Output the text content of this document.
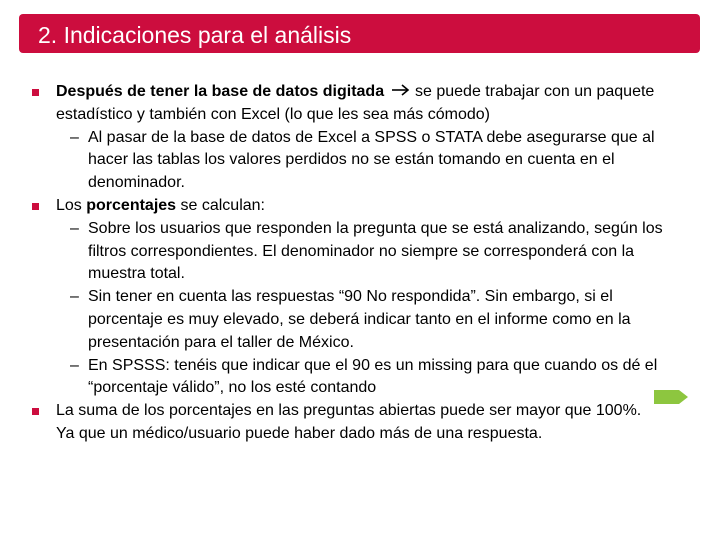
2. Indicaciones para el análisis
Después de tener la base de datos digitada
se puede trabajar con un paquete estadístico y también con Excel (lo que les sea más cómodo)
– Al pasar de la base de datos de Excel a SPSS o STATA debe asegurarse que al hacer las tablas los valores perdidos no se están tomando en cuenta en el denominador.
Los porcentajes se calculan:
– Sobre los usuarios que responden la pregunta que se está analizando, según los filtros correspondientes. El denominador no siempre se corresponderá con la muestra total.
– Sin tener en cuenta las respuestas “90 No respondida”. Sin embargo, si el porcentaje es muy elevado, se deberá indicar tanto en el informe como en la presentación para el taller de México.
– En SPSSS: tenéis que indicar que el 90 es un missing para que cuando os dé el “porcentaje válido”, no los esté contando
La suma de los porcentajes en las preguntas abiertas puede ser mayor que 100%. Ya que un médico/usuario puede haber dado más de una respuesta.
